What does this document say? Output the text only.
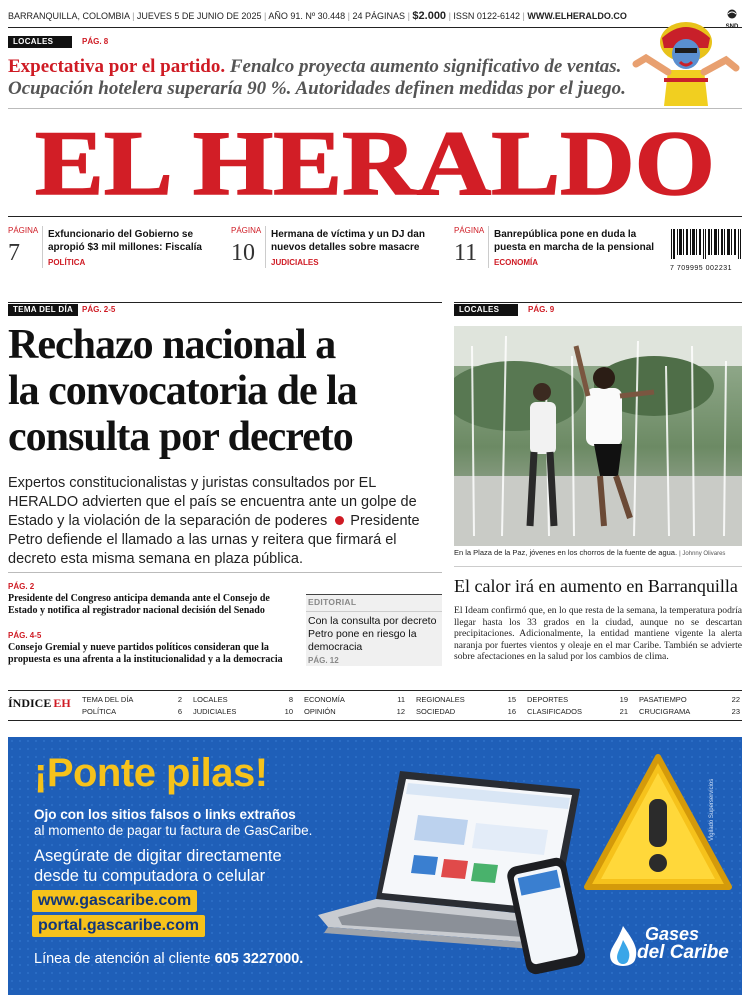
BARRANQUILLA, COLOMBIA | JUEVES 5 DE JUNIO DE 2025 | AÑO 91. Nº 30.448 | 24 PÁGINAS | $2.000 | ISSN 0122-6142 | WWW.ELHERALDO.CO
LOCALES	PÁG. 8
Expectativa por el partido. Fenalco proyecta aumento significativo de ventas.
Ocupación hotelera superaría 90 %. Autoridades definen medidas por el juego.
EL HERALDO
PÁGINA
7
Exfuncionario del Gobierno se apropió $3 mil millones: Fiscalía
POLÍTICA
PÁGINA
10
Hermana de víctima y un DJ dan nuevos detalles sobre masacre
JUDICIALES
PÁGINA
11
Banrepública pone en duda la puesta en marcha de la pensional
ECONOMÍA
7 709995 002231
TEMA DEL DÍA	PÁG. 2-5
Rechazo nacional a
la convocatoria de la
consulta por decreto
Expertos constitucionalistas y juristas consultados por EL HERALDO advierten que el país se encuentra ante un golpe de Estado y la violación de la separación de poderes Presidente Petro defiende el llamado a las urnas y reitera que firmará el decreto esta misma semana en plaza pública.
PÁG. 2
Presidente del Congreso anticipa demanda ante el Consejo de Estado y notifica al registrador nacional decisión del Senado
PÁG. 4-5
Consejo Gremial y nueve partidos políticos consideran que la propuesta es una afrenta a la institucionalidad y a la democracia
EDITORIAL
Con la consulta por decreto Petro pone en riesgo la democracia
PÁG. 12
LOCALES	PÁG. 9
En la Plaza de la Paz, jóvenes en los chorros de la fuente de agua. | Johnny Olivares
El calor irá en aumento en Barranquilla
El Ideam confirmó que, en lo que resta de la semana, la temperatura podría llegar hasta los 33 grados en la ciudad, aunque no se descartan precipitaciones. Adicionalmente, la entidad mantiene vigente la alerta naranja por fuertes vientos y oleaje en el mar Caribe. También se advierte sobre afectaciones en la salud por los cambios de clima.
ÍNDICE EH TEMA DEL DÍA	2
POLÍTICA	6
LOCALES	8
JUDICIALES	10
ECONOMÍA	11
OPINIÓN	12
REGIONALES	15
SOCIEDAD	16
DEPORTES	19
CLASIFICADOS	21
PASATIEMPO	22
CRUCIGRAMA	23
¡Ponte pilas!
Ojo con los sitios falsos o links extraños
al momento de pagar tu factura de GasCaribe.
Asegúrate de digitar directamente
desde tu computadora o celular
www.gascaribe.com
portal.gascaribe.com
Línea de atención al cliente 605 3227000.
Vigilado Superservicios
Gases
del Caribe
